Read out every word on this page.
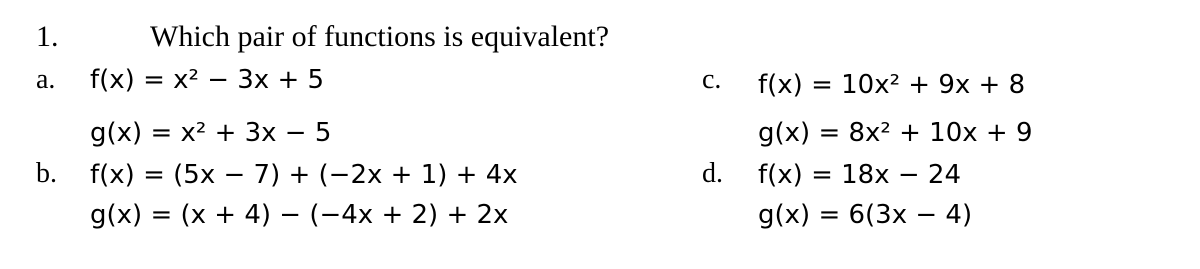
1.	Which pair of functions is equivalent?
a. f(x) = x² − 3x + 5
g(x) = x² + 3x − 5
b. f(x) = (5x − 7) + (−2x + 1) + 4x
g(x) = (x + 4) − (−4x + 2) + 2x
c. f(x) = 10x² + 9x + 8
g(x) = 8x² + 10x + 9
d. f(x) = 18x − 24
g(x) = 6(3x − 4)
